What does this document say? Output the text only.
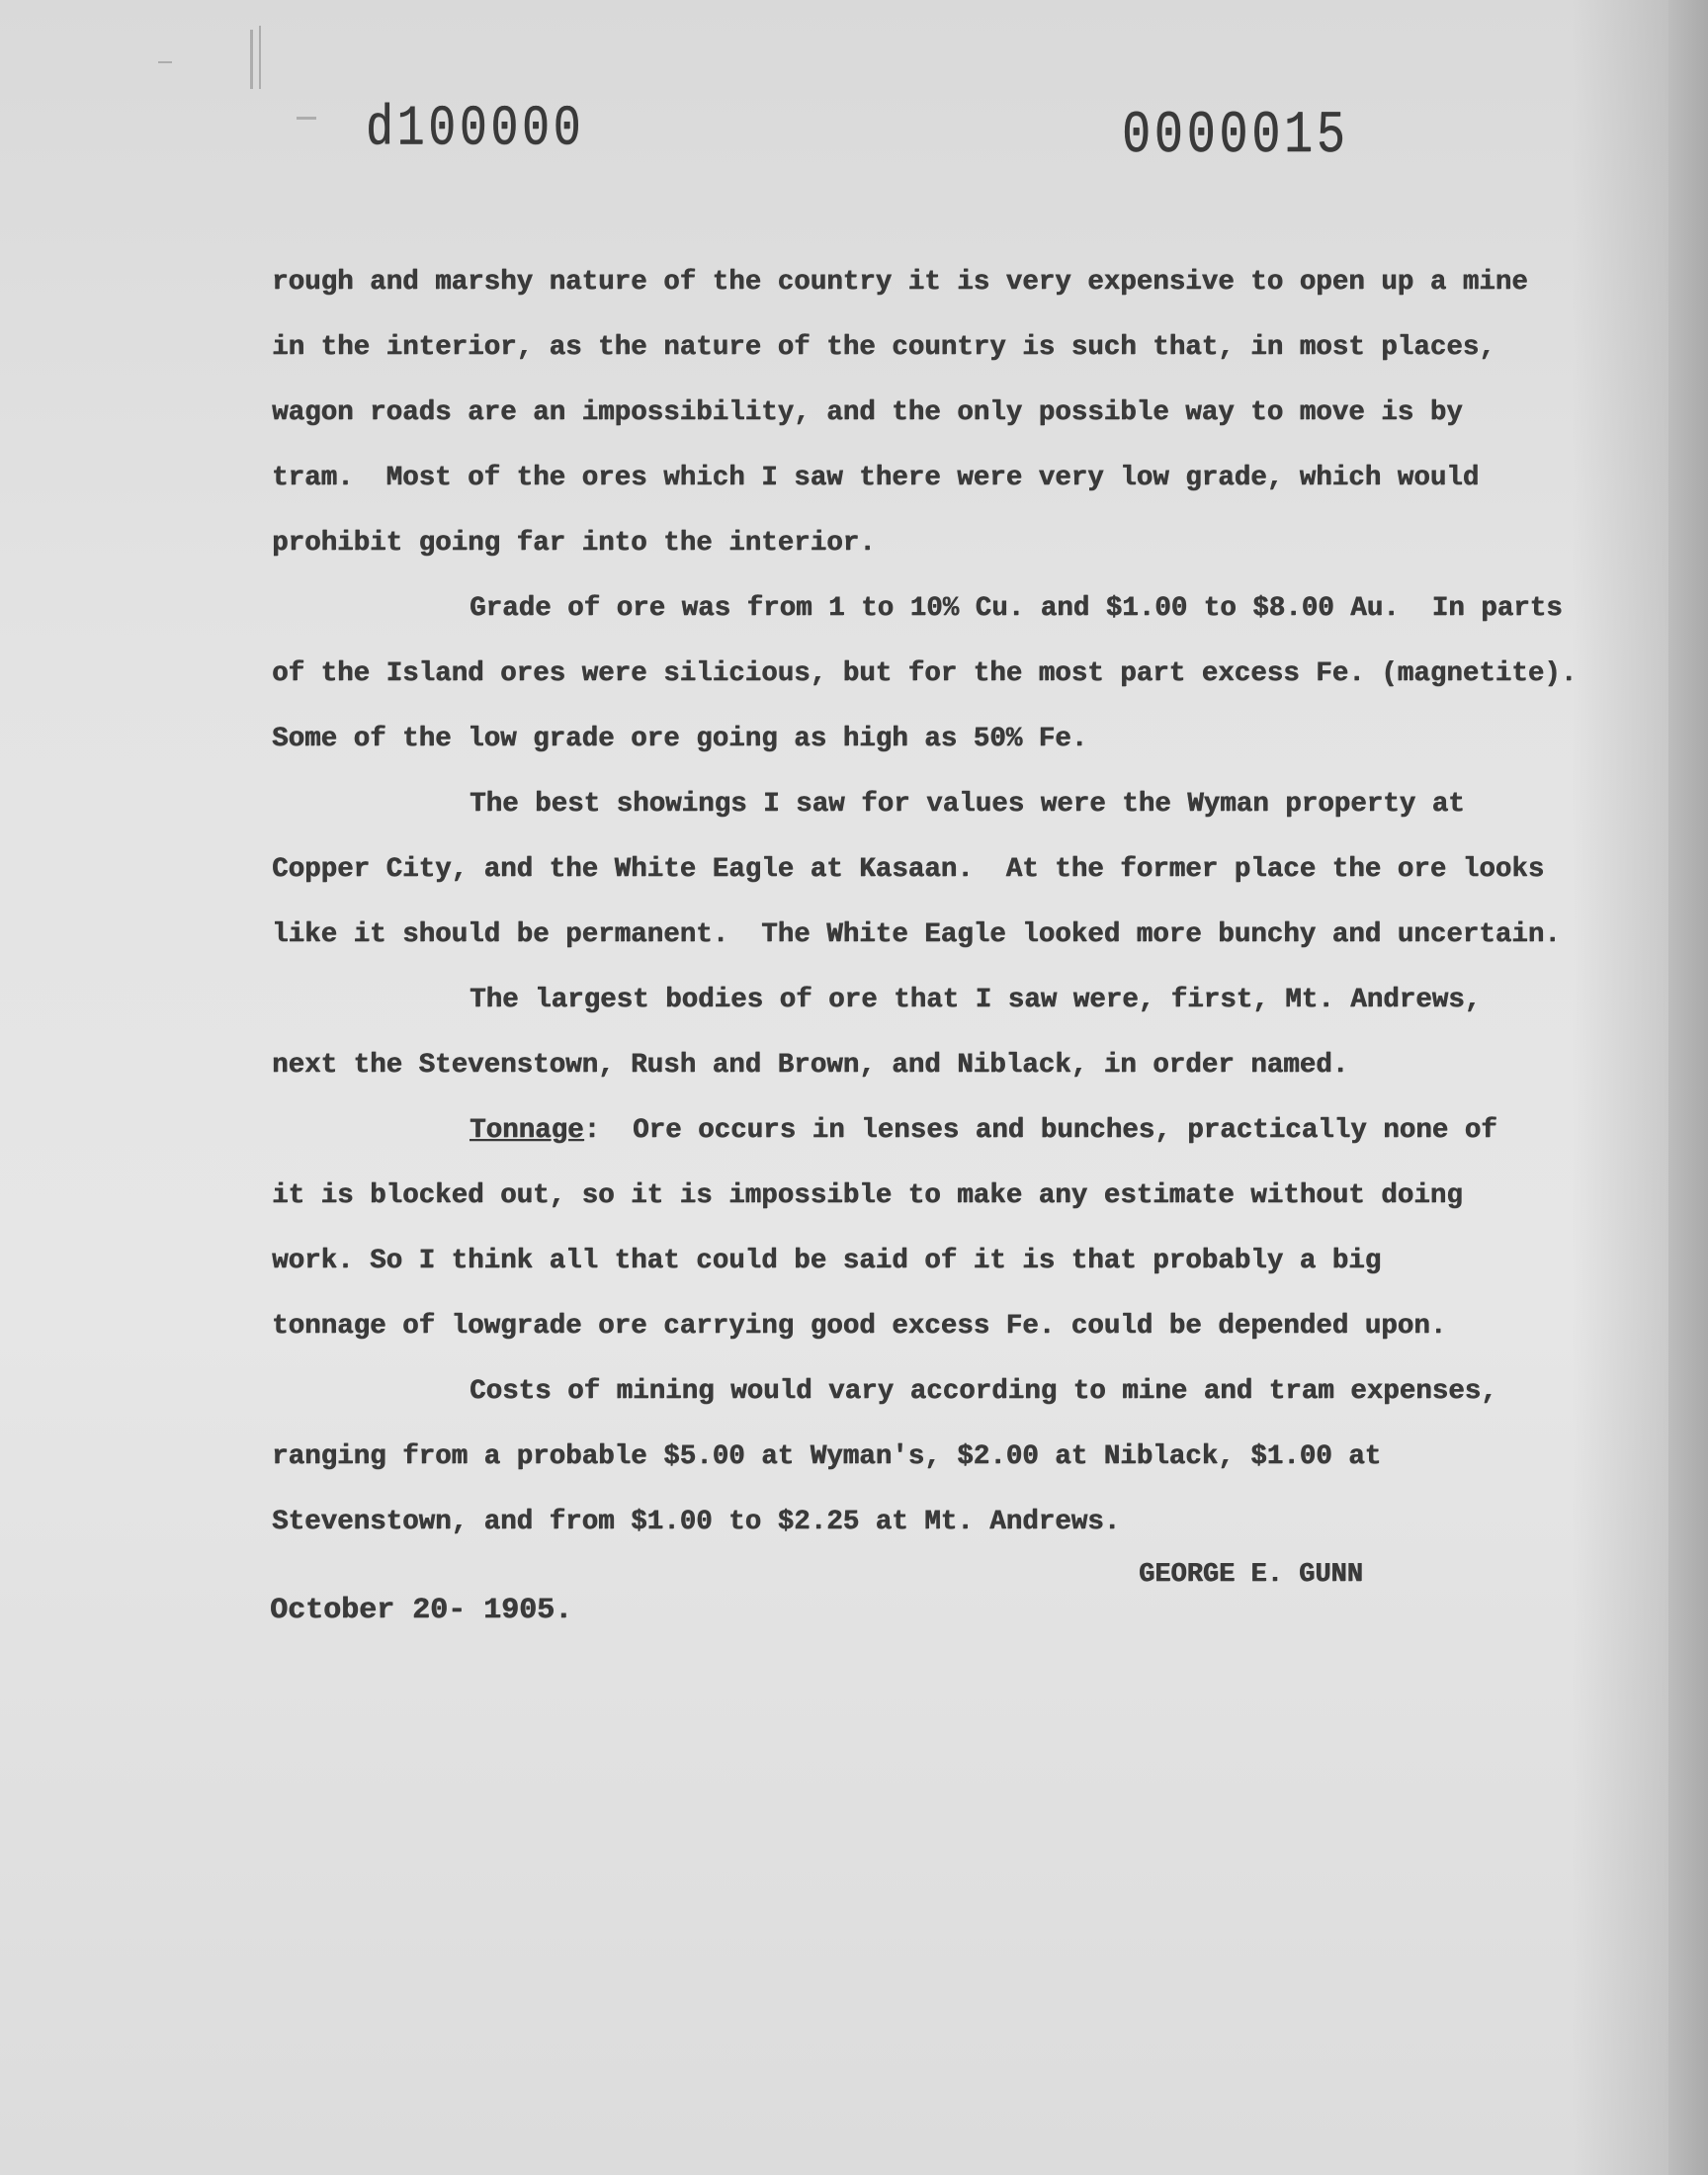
d100000	0000015

rough and marshy nature of the country it is very expensive to open up a mine

in the interior, as the nature of the country is such that, in most places,

wagon roads are an impossibility, and the only possible way to move is by

tram.  Most of the ores which I saw there were very low grade, which would

prohibit going far into the interior.

Grade of ore was from 1 to 10% Cu. and $1.00 to $8.00 Au.  In parts

of the Island ores were silicious, but for the most part excess Fe. (magnetite).

Some of the low grade ore going as high as 50% Fe.

The best showings I saw for values were the Wyman property at

Copper City, and the White Eagle at Kasaan.  At the former place the ore looks

like it should be permanent.  The White Eagle looked more bunchy and uncertain.

The largest bodies of ore that I saw were, first, Mt. Andrews,

next the Stevenstown, Rush and Brown, and Niblack, in order named.

Tonnage:  Ore occurs in lenses and bunches, practically none of

it is blocked out, so it is impossible to make any estimate without doing

work. So I think all that could be said of it is that probably a big

tonnage of lowgrade ore carrying good excess Fe. could be depended upon.

Costs of mining would vary according to mine and tram expenses,

ranging from a probable $5.00 at Wyman's, $2.00 at Niblack, $1.00 at

Stevenstown, and from $1.00 to $2.25 at Mt. Andrews.

GEORGE E. GUNN
October 20- 1905.
